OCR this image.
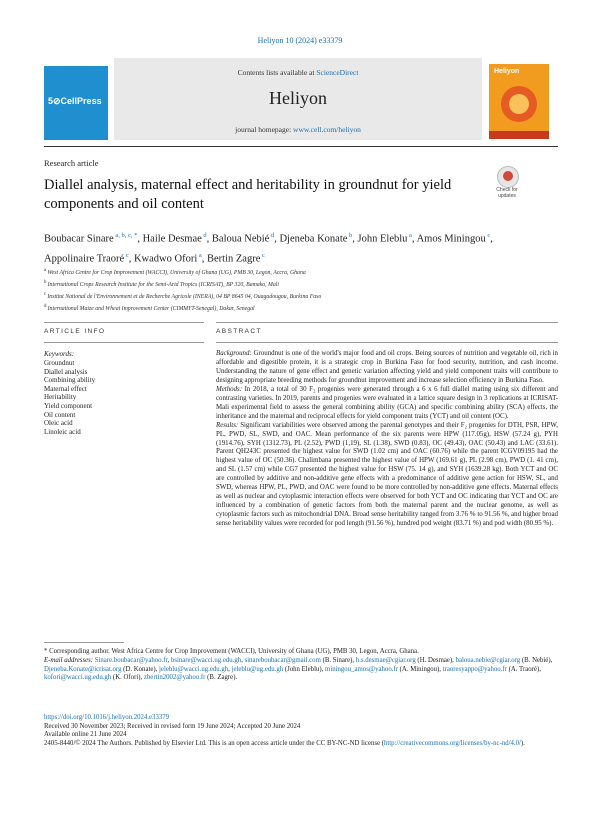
Heliyon 10 (2024) e33379
5⊘CellPress
Contents lists available at ScienceDirect
Heliyon
journal homepage: www.cell.com/heliyon
Heliyon
Research article
Diallel analysis, maternal effect and heritability in groundnut for yield components and oil content
Check for
updates
Boubacar Sinare $^{a, b, c, *}$, Haile Desmae $^d$, Baloua Nebié $^d$, Djeneba Konate $^b$, John Eleblu $^a$, Amos Miningou $^c$, Appolinaire Traoré $^c$, Kwadwo Ofori $^a$, Bertin Zagre $^c$
$^a$ West Africa Centre for Crop Improvement (WACCI), University of Ghana (UG), PMB 30, Legon, Accra, Ghana
$^b$ International Crops Research Institute for the Semi-Arid Tropics (ICRISAT), BP 320, Bamako, Mali
$^c$ Institut National de l'Environnement et de Recherche Agricole (INERA), 04 BP 8645 04, Ouagadougou, Burkina Faso
$^d$ International Maize and Wheat Improvement Center (CIMMYT-Senegal), Dakar, Senegal
ARTICLE INFO	ABSTRACT
Keywords:
Groundnut
Diallel analysis
Combining ability
Maternal effect
Heritability
Yield component
Oil content
Oleic acid
Linoleic acid

Background: Groundnut is one of the world's major food and oil crops. Being sources of nutrition and vegetable oil, rich in affordable and digestible protein, it is a strategic crop in Burkina Faso for food security, nutrition, and cash income. Understanding the nature of gene effect and genetic variation affecting yield and yield component traits will contribute to designing appropriate breeding methods for groundnut improvement and increase selection efficiency in Burkina Faso.

Methods: In 2018, a total of 30 F₂ progenies were generated through a 6 x 6 full diallel mating using six different and contrasting varieties. In 2019, parents and progenies were evaluated in a lattice square design in 3 replications at ICRISAT-Mali experimental field to assess the general combining ability (GCA) and specific combining ability (SCA) effects, the inheritance and the maternal and reciprocal effects for yield component traits (YCT) and oil content (OC).

Results: Significant variabilities were observed among the parental genotypes and their F₂ progenies for DTH, PSR, HPW, PL, PWD, SL, SWD, and OAC. Mean performance of the six parents were HPW (117.05g), HSW (57.24 g), PYH (1914.76), SYH (1312.73), PL (2.52), PWD (1,19), SL (1.38), SWD (0.83), OC (49.43), OAC (50.43) and LAC (33.61). Parent QH243C presented the highest value for SWD (1.02 cm) and OAC (60.76) while the parent ICGV09195 had the highest value of OC (50.36). Chalimbana presented the highest value of HPW (169.61 g), PL (2.98 cm), PWD (1. 41 cm), and SL (1.57 cm) while CG7 presented the highest value for HSW (75. 14 g), and SYH (1639.28 kg). Both YCT and OC are controlled by additive and non-additive gene effects with a predominance of additive gene action for HSW, SL, and SWD, whereas HPW, PL, PWD, and OAC were found to be more controlled by non-additive gene effects. Maternal effects as well as nuclear and cytoplasmic interaction effects were observed for both YCT and OC indicating that YCT and OC are influenced by a combination of genetic factors from both the maternal parent and the nuclear genome, as well as cytoplasmic factors such as mitochondrial DNA. Broad sense heritability ranged from 3.76 % to 91.56 %, and higher broad sense heritability values were recorded for pod length (91.56 %), hundred pod weight (83.71 %) and pod width (80.95 %).

* Corresponding author. West Africa Centre for Crop Improvement (WACCI), University of Ghana (UG), PMB 30, Legon, Accra, Ghana.

E-mail addresses: Sinare.boubacar@yahoo.fr, bsinare@wacci.ug.edu.gh, sinareboubacar@gmail.com (B. Sinare), h.s.desmae@cgiar.org (H. Desmae), baloua.nebie@cgiar.org (B. Nebié), Djeneba.Konate@icrisat.org (D. Konate), jeleblu@wacci.ug.edu.gh, jeleblu@ug.edu.gh (John Eleblu), miningou_amos@yahoo.fr (A. Miningou), traoresyappo@yahoo.fr (A. Traoré), kofori@wacci.ug.edu.gh (K. Ofori), zbertin2002@yahoo.fr (B. Zagre).

https://doi.org/10.1016/j.heliyon.2024.e33379

Received 30 November 2023; Received in revised form 19 June 2024; Accepted 20 June 2024

Available online 21 June 2024

2405-8440/© 2024 The Authors. Published by Elsevier Ltd. This is an open access article under the CC BY-NC-ND license (http://creativecommons.org/licenses/by-nc-nd/4.0/).
